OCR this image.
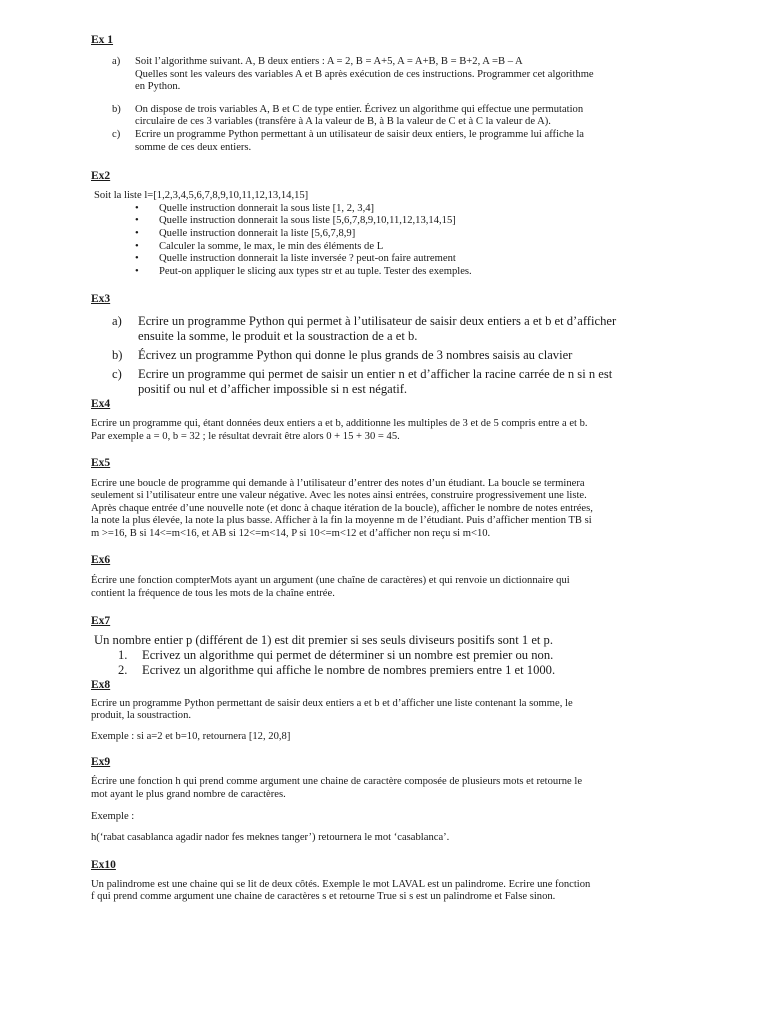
Ex 1
a)	Soit l’algorithme suivant. A, B deux entiers : A = 2, B = A+5, A = A+B, B = B+2, A =B – A

Quelles sont les valeurs des variables A et B après exécution de ces instructions. Programmer cet algorithme

en Python.

b)	On dispose de trois variables A, B et C de type entier. Écrivez un algorithme qui effectue une permutation

circulaire de ces 3 variables (transfère à A la valeur de B, à B la valeur de C et à C la valeur de A).

c)	Ecrire un programme Python permettant à un utilisateur de saisir deux entiers, le programme lui affiche la

somme de ces deux entiers.

Ex2

Soit la liste l=[1,2,3,4,5,6,7,8,9,10,11,12,13,14,15]

•	Quelle instruction donnerait la sous liste [1, 2, 3,4]
•	Quelle instruction donnerait la sous liste [5,6,7,8,9,10,11,12,13,14,15]
•	Quelle instruction donnerait la liste [5,6,7,8,9]
•	Calculer la somme, le max, le min des éléments de L
•	Quelle instruction donnerait la liste inversée ? peut-on faire autrement
•	Peut-on appliquer le slicing aux types str et au tuple. Tester des exemples.
Ex3
a)	Ecrire un programme Python qui permet à l’utilisateur de saisir deux entiers a et b et d’afficher

ensuite la somme, le produit et la soustraction de a et b.

b)	Écrivez un programme Python qui donne le plus grands de 3 nombres saisis au clavier

c)	Ecrire un programme qui permet de saisir un entier n et d’afficher la racine carrée de n si n est

positif ou nul et d’afficher impossible si n est négatif.

Ex4

Ecrire un programme qui, étant données deux entiers a et b, additionne les multiples de 3 et de 5 compris entre a et b.

Par exemple a = 0, b = 32 ; le résultat devrait être alors 0 + 15 + 30 = 45.

Ex5

Ecrire une boucle de programme qui demande à l’utilisateur d’entrer des notes d’un étudiant. La boucle se terminera

seulement si l’utilisateur entre une valeur négative. Avec les notes ainsi entrées, construire progressivement une liste.

Après chaque entrée d’une nouvelle note (et donc à chaque itération de la boucle), afficher le nombre de notes entrées,

la note la plus élevée, la note la plus basse. Afficher à la fin la moyenne m de l’étudiant. Puis d’afficher mention TB si

m >=16, B si 14<=m<16, et AB si 12<=m<14, P si 10<=m<12 et d’afficher non reçu si m<10.

Ex6

Écrire une fonction compterMots ayant un argument (une chaîne de caractères) et qui renvoie un dictionnaire qui

contient la fréquence de tous les mots de la chaîne entrée.

Ex7

Un nombre entier p (différent de 1) est dit premier si ses seuls diviseurs positifs sont 1 et p.

1.	Ecrivez un algorithme qui permet de déterminer si un nombre est premier ou non.
2.	Ecrivez un algorithme qui affiche le nombre de nombres premiers entre 1 et 1000.
Ex8

Ecrire un programme Python permettant de saisir deux entiers a et b et d’afficher une liste contenant la somme, le

produit, la soustraction.

Exemple : si a=2 et b=10, retournera [12, 20,8]

Ex9

Écrire une fonction h qui prend comme argument une chaine de caractère composée de plusieurs mots et retourne le

mot ayant le plus grand nombre de caractères.

Exemple :

h(‘rabat casablanca agadir nador fes meknes tanger’) retournera le mot ‘casablanca’.

Ex10

Un palindrome est une chaine qui se lit de deux côtés. Exemple le mot LAVAL est un palindrome. Ecrire une fonction

f qui prend comme argument une chaine de caractères s et retourne True si s est un palindrome et False sinon.
